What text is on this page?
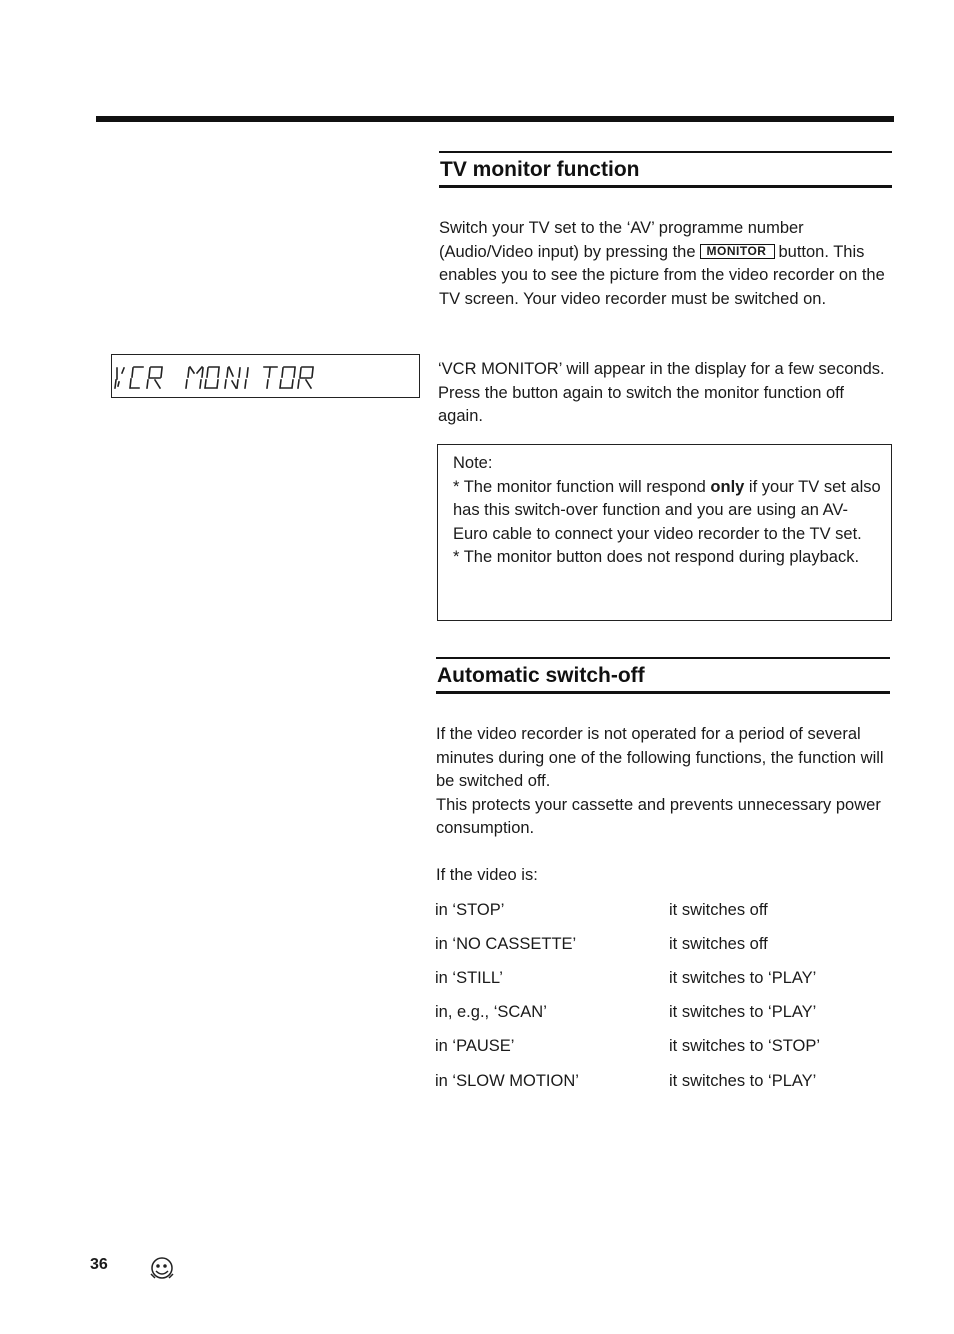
TV monitor function

Switch your TV set to the ‘AV’ programme number (Audio/Video input) by pressing the MONITOR button. This enables you to see the picture from the video recorder on the TV screen. Your video recorder must be switched on.

‘VCR MONITOR’ will appear in the display for a few seconds. Press the button again to switch the monitor function off again.

Note:

* The monitor function will respond only if your TV set also has this switch-over function and you are using an AV-Euro cable to connect your video recorder to the TV set.

* The monitor button does not respond during playback.

Automatic switch-off

If the video recorder is not operated for a period of several minutes during one of the following functions, the function will be switched off.

This protects your cassette and prevents unnecessary power consumption.

If the video is:
in ‘STOP’	it switches off
in ‘NO CASSETTE’	it switches off
in ‘STILL’	it switches to ‘PLAY’
in, e.g., ‘SCAN’	it switches to ‘PLAY’
in ‘PAUSE’	it switches to ‘STOP’
in ‘SLOW MOTION’	it switches to ‘PLAY’
36
